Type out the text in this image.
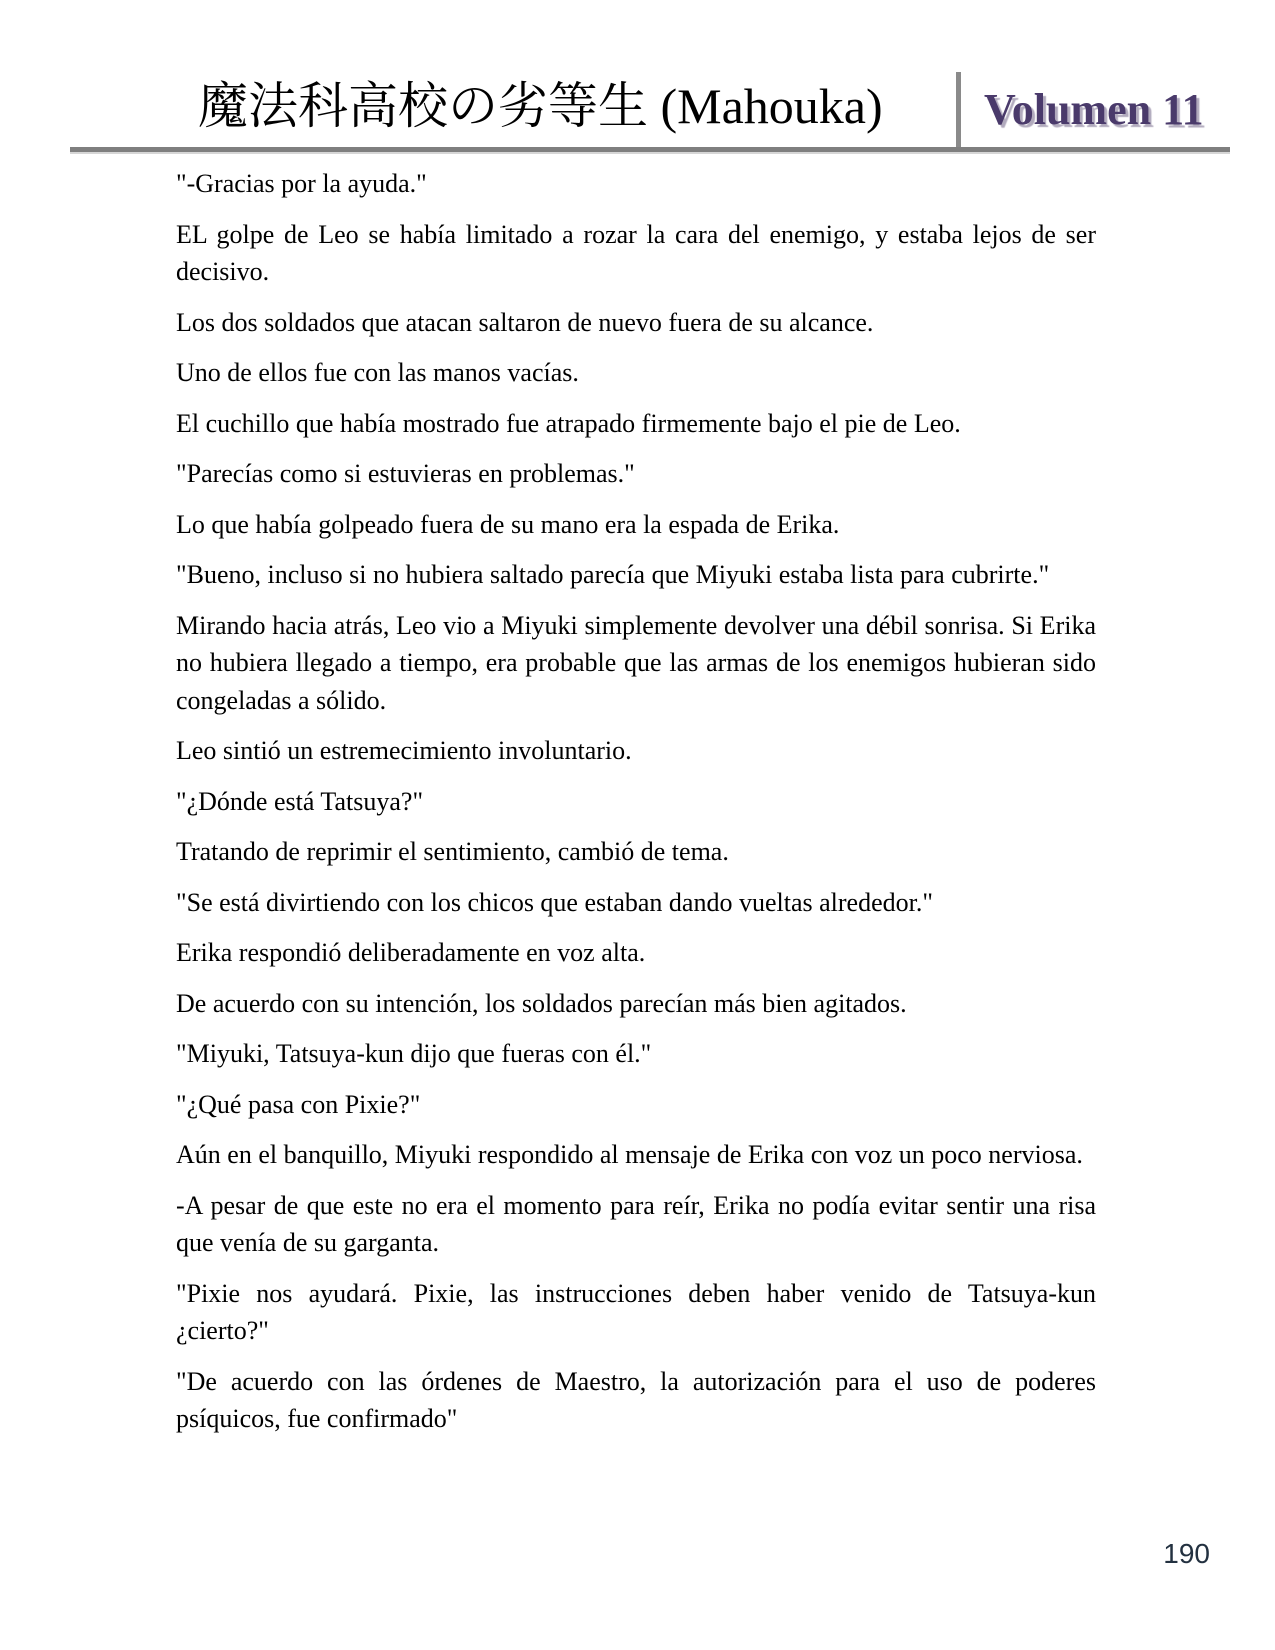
魔法科高校の劣等生 (Mahouka) Volumen 11

"-Gracias por la ayuda."

EL golpe de Leo se había limitado a rozar la cara del enemigo, y estaba lejos de ser decisivo.

Los dos soldados que atacan saltaron de nuevo fuera de su alcance.

Uno de ellos fue con las manos vacías.

El cuchillo que había mostrado fue atrapado firmemente bajo el pie de Leo.

"Parecías como si estuvieras en problemas."

Lo que había golpeado fuera de su mano era la espada de Erika.

"Bueno, incluso si no hubiera saltado parecía que Miyuki estaba lista para cubrirte."

Mirando hacia atrás, Leo vio a Miyuki simplemente devolver una débil sonrisa. Si Erika no hubiera llegado a tiempo, era probable que las armas de los enemigos hubieran sido congeladas a sólido.

Leo sintió un estremecimiento involuntario.

"¿Dónde está Tatsuya?"

Tratando de reprimir el sentimiento, cambió de tema.

"Se está divirtiendo con los chicos que estaban dando vueltas alrededor."

Erika respondió deliberadamente en voz alta.

De acuerdo con su intención, los soldados parecían más bien agitados.

"Miyuki, Tatsuya-kun dijo que fueras con él."

"¿Qué pasa con Pixie?"

Aún en el banquillo, Miyuki respondido al mensaje de Erika con voz un poco nerviosa.

-A pesar de que este no era el momento para reír, Erika no podía evitar sentir una risa que venía de su garganta.

"Pixie nos ayudará. Pixie, las instrucciones deben haber venido de Tatsuya-kun ¿cierto?"

"De acuerdo con las órdenes de Maestro, la autorización para el uso de poderes psíquicos, fue confirmado"

190
